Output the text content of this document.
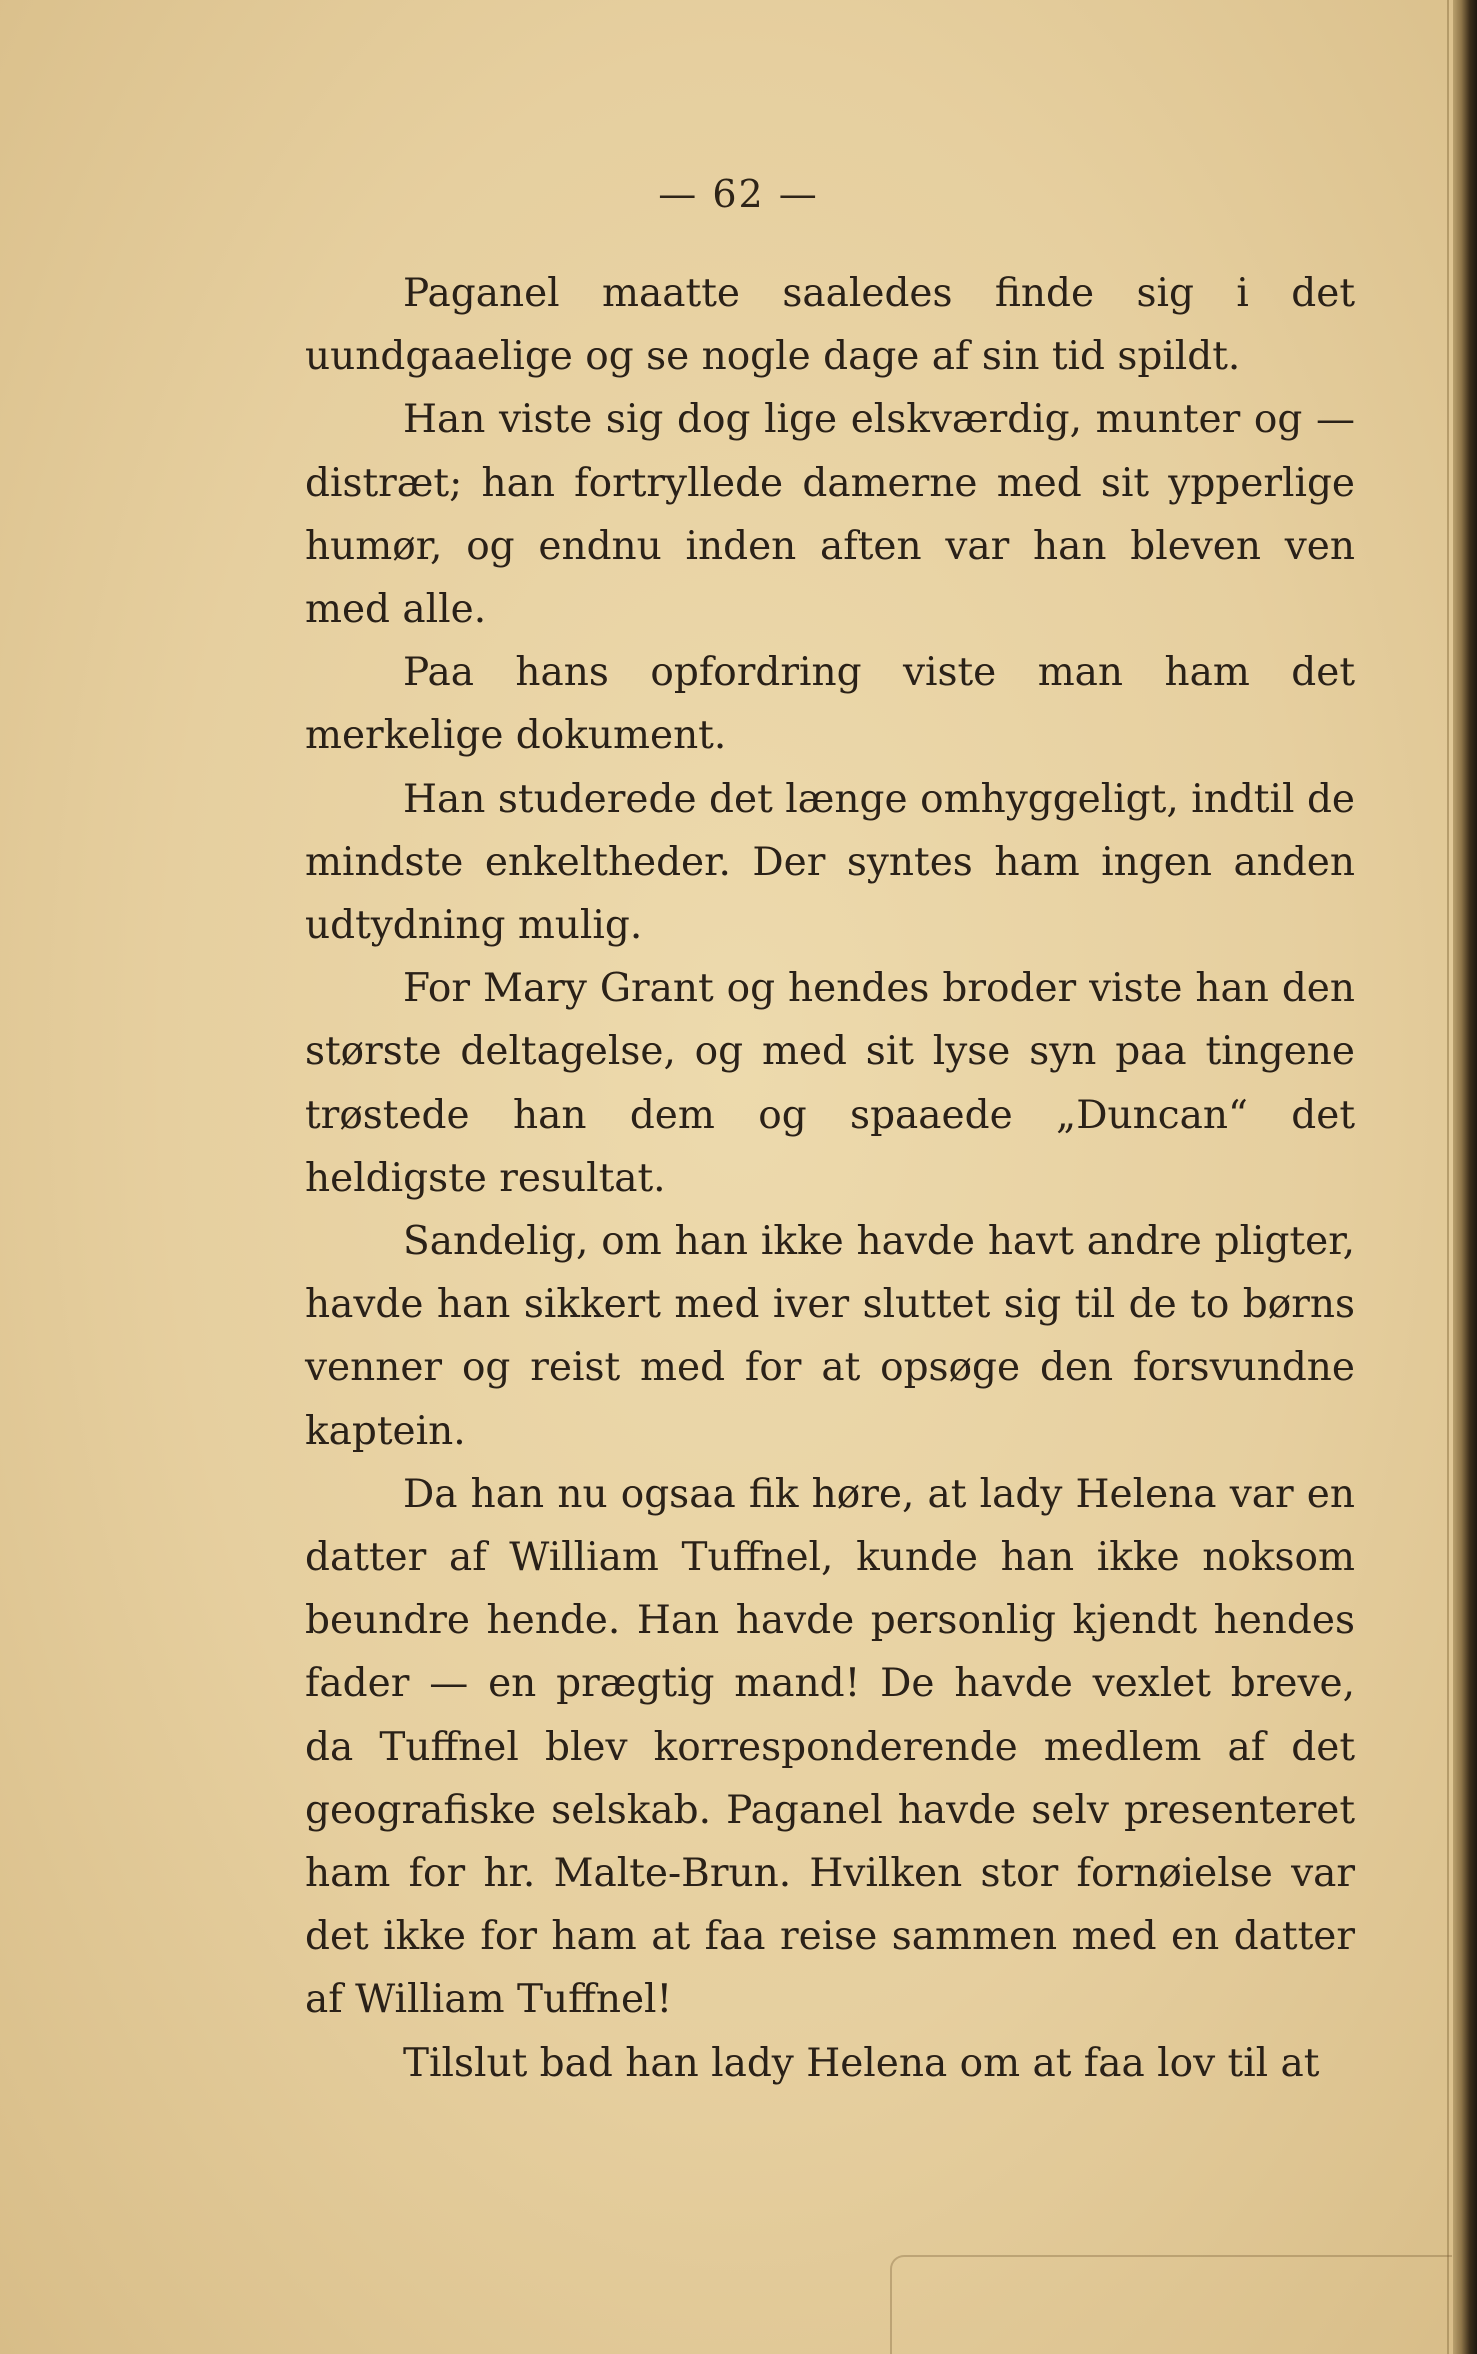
— 62 —

Paganel maatte saaledes finde sig i det uundgaaelige og se nogle dage af sin tid spildt.

Han viste sig dog lige elskværdig, munter og — distræt; han fortryllede damerne med sit ypperlige humør, og endnu inden aften var han bleven ven med alle.

Paa hans opfordring viste man ham det merkelige dokument.

Han studerede det længe omhyggeligt, indtil de mindste enkeltheder. Der syntes ham ingen anden udtydning mulig.

For Mary Grant og hendes broder viste han den største deltagelse, og med sit lyse syn paa tingene trøstede han dem og spaaede „Duncan“ det heldigste resultat.

Sandelig, om han ikke havde havt andre pligter, havde han sikkert med iver sluttet sig til de to børns venner og reist med for at opsøge den forsvundne kaptein.

Da han nu ogsaa fik høre, at lady Helena var en datter af William Tuffnel, kunde han ikke noksom beundre hende. Han havde personlig kjendt hendes fader — en prægtig mand! De havde vexlet breve, da Tuffnel blev korresponderende medlem af det geografiske selskab. Paganel havde selv presenteret ham for hr. Malte-Brun. Hvilken stor fornøielse var det ikke for ham at faa reise sammen med en datter af William Tuffnel!

Tilslut bad han lady Helena om at faa lov til at
